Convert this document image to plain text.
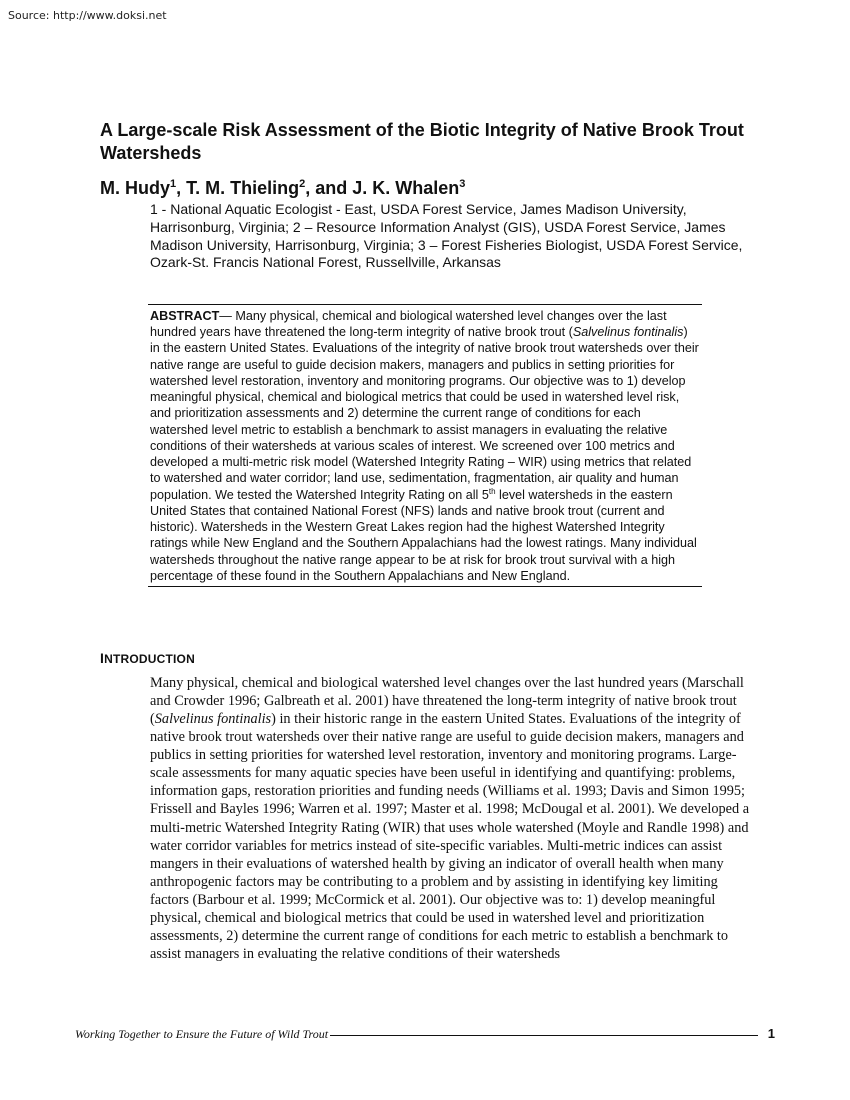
Source: http://www.doksi.net
A Large-scale Risk Assessment of the Biotic Integrity of Native Brook Trout Watersheds

M. Hudy$^1$, T. M. Thieling$^2$, and J. K. Whalen$^3$

1 - National Aquatic Ecologist - East, USDA Forest Service, James Madison University, Harrisonburg, Virginia; 2 – Resource Information Analyst (GIS), USDA Forest Service, James Madison University, Harrisonburg, Virginia; 3 – Forest Fisheries Biologist, USDA Forest Service, Ozark-St. Francis National Forest, Russellville, Arkansas

ABSTRACT— Many physical, chemical and biological watershed level changes over the last hundred years have threatened the long-term integrity of native brook trout (Salvelinus fontinalis) in the eastern United States. Evaluations of the integrity of native brook trout watersheds over their native range are useful to guide decision makers, managers and publics in setting priorities for watershed level restoration, inventory and monitoring programs. Our objective was to 1) develop meaningful physical, chemical and biological metrics that could be used in watershed level risk, and prioritization assessments and 2) determine the current range of conditions for each watershed level metric to establish a benchmark to assist managers in evaluating the relative conditions of their watersheds at various scales of interest. We screened over 100 metrics and developed a multi-metric risk model (Watershed Integrity Rating – WIR) using metrics that related to watershed and water corridor; land use, sedimentation, fragmentation, air quality and human population. We tested the Watershed Integrity Rating on all 5th level watersheds in the eastern United States that contained National Forest (NFS) lands and native brook trout (current and historic). Watersheds in the Western Great Lakes region had the highest Watershed Integrity ratings while New England and the Southern Appalachians had the lowest ratings. Many individual watersheds throughout the native range appear to be at risk for brook trout survival with a high percentage of these found in the Southern Appalachians and New England.
INTRODUCTION

Many physical, chemical and biological watershed level changes over the last hundred years (Marschall and Crowder 1996; Galbreath et al. 2001) have threatened the long-term integrity of native brook trout (Salvelinus fontinalis) in their historic range in the eastern United States. Evaluations of the integrity of native brook trout watersheds over their native range are useful to guide decision makers, managers and publics in setting priorities for watershed level restoration, inventory and monitoring programs. Large-scale assessments for many aquatic species have been useful in identifying and quantifying: problems, information gaps, restoration priorities and funding needs (Williams et al. 1993; Davis and Simon 1995; Frissell and Bayles 1996; Warren et al. 1997; Master et al. 1998; McDougal et al. 2001). We developed a multi-metric Watershed Integrity Rating (WIR) that uses whole watershed (Moyle and Randle 1998) and water corridor variables for metrics instead of site-specific variables. Multi-metric indices can assist mangers in their evaluations of watershed health by giving an indicator of overall health when many anthropogenic factors may be contributing to a problem and by assisting in identifying key limiting factors (Barbour et al. 1999; McCormick et al. 2001). Our objective was to: 1) develop meaningful physical, chemical and biological metrics that could be used in watershed level and prioritization assessments, 2) determine the current range of conditions for each metric to establish a benchmark to assist managers in evaluating the relative conditions of their watersheds

Working Together to Ensure the Future of Wild Trout	1
